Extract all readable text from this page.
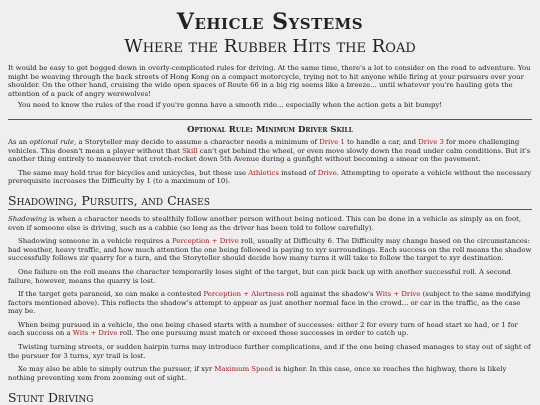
Vehicle Systems
Where the Rubber Hits the Road

It would be easy to get bogged down in overly-complicated rules for driving. At the same time, there's a lot to consider on the road to adventure. You might be weaving through the back streets of Hong Kong on a compact motorcycle, trying not to hit anyone while firing at your pursuers over your shoulder. On the other hand, cruising the wide open spaces of Route 66 in a big rig seems like a breeze... until whatever you're hauling gets the attention of a pack of angry werewolves!

You need to know the rules of the road if you're gonna have a smooth ride... especially when the action gets a bit bumpy!

Optional Rule: Minimum Driver Skill

As an optional rule, a Storyteller may decide to assume a character needs a minimum of Drive 1 to handle a car, and Drive 3 for more challenging vehicles. This doesn't mean a player without that Skill can't get behind the wheel, or even move slowly down the road under calm conditions. But it's another thing entirely to maneuver that crotch-rocket down 5th Avenue during a gunfight without becoming a smear on the pavement.

The same may hold true for bicycles and unicycles, but these use Athletics instead of Drive. Attempting to operate a vehicle without the necessary prerequisite increases the Difficulty by 1 (to a maximum of 10).

Shadowing, Pursuits, and Chases

Shadowing is when a character needs to stealthily follow another person without being noticed. This can be done in a vehicle as simply as on foot, even if someone else is driving, such as a cabbie (so long as the driver has been told to follow carefully).

Shadowing someone in a vehicle requires a Perception + Drive roll, usually at Difficulty 6. The Difficulty may change based on the circumstances: bad weather, heavy traffic, and how much attention the one being followed is paying to xyr surroundings. Each success on the roll means the shadow successfully follows zir quarry for a turn, and the Storyteller should decide how many turns it will take to follow the target to xyr destination.

One failure on the roll means the character temporarily loses sight of the target, but can pick back up with another successful roll. A second failure, however, means the quarry is lost.

If the target gets paranoid, xe can make a contested Perception + Alertness roll against the shadow's Wits + Drive (subject to the same modifying factors mentioned above). This reflects the shadow's attempt to appear as just another normal face in the crowd... or car in the traffic, as the case may be.

When being pursued in a vehicle, the one being chased starts with a number of successes: either 2 for every turn of head start xe had, or 1 for each success on a Wits + Drive roll. The one pursuing must match or exceed those successes in order to catch up.

Twisting turning streets, or sudden hairpin turns may introduce further complications, and if the one being chased manages to stay out of sight of the pursuer for 3 turns, xyr trail is lost.

Xe may also be able to simply outrun the pursuer, if xyr Maximum Speed is higher. In this case, once xe reaches the highway, there is likely nothing preventing xem from zooming out of sight.

Stunt Driving
